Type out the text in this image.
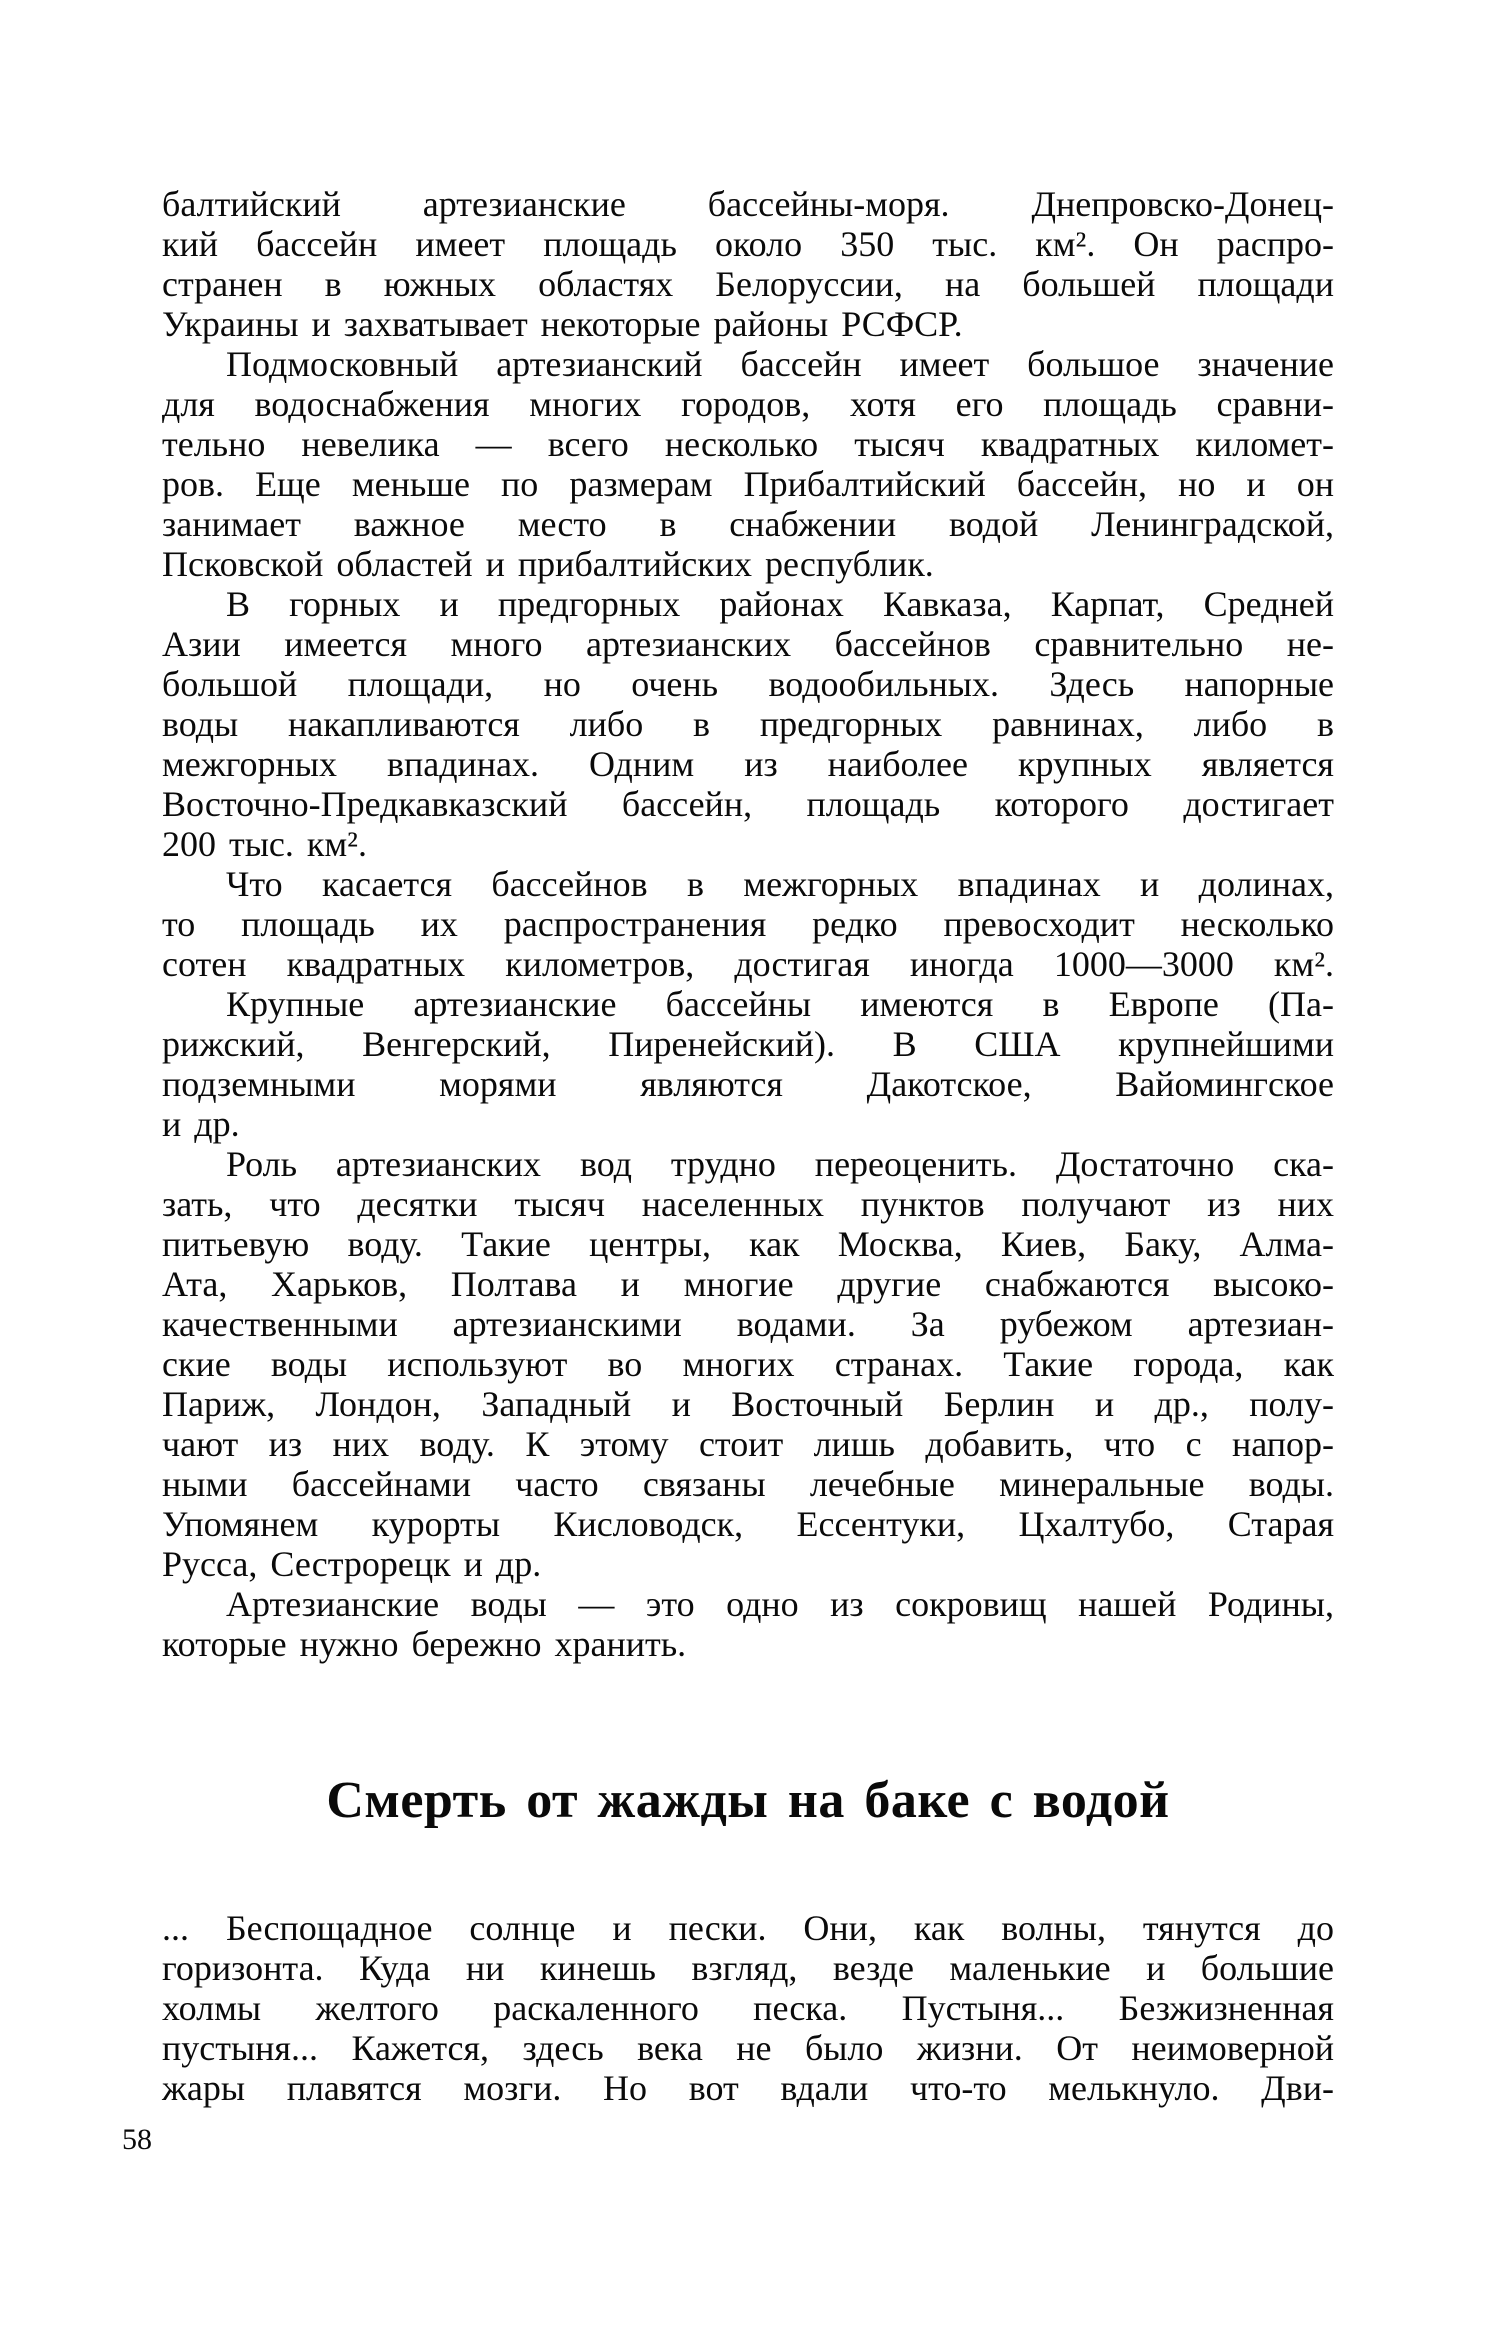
балтийский артезианские бассейны-моря. Днепровско-Донец-
кий бассейн имеет площадь около 350 тыс. км². Он распро-
странен в южных областях Белоруссии, на большей площади
Украины и захватывает некоторые районы РСФСР.
Подмосковный артезианский бассейн имеет большое значение
для водоснабжения многих городов, хотя его площадь сравни-
тельно невелика — всего несколько тысяч квадратных километ-
ров. Еще меньше по размерам Прибалтийский бассейн, но и он
занимает важное место в снабжении водой Ленинградской,
Псковской областей и прибалтийских республик.
В горных и предгорных районах Кавказа, Карпат, Средней
Азии имеется много артезианских бассейнов сравнительно не-
большой площади, но очень водообильных. Здесь напорные
воды накапливаются либо в предгорных равнинах, либо в
межгорных впадинах. Одним из наиболее крупных является
Восточно-Предкавказский бассейн, площадь которого достигает
200 тыс. км².
Что касается бассейнов в межгорных впадинах и долинах,
то площадь их распространения редко превосходит несколько
сотен квадратных километров, достигая иногда 1000—3000 км².
Крупные артезианские бассейны имеются в Европе (Па-
рижский, Венгерский, Пиренейский). В США крупнейшими
подземными морями являются Дакотское, Вайомингское
и др.
Роль артезианских вод трудно переоценить. Достаточно ска-
зать, что десятки тысяч населенных пунктов получают из них
питьевую воду. Такие центры, как Москва, Киев, Баку, Алма-
Ата, Харьков, Полтава и многие другие снабжаются высоко-
качественными артезианскими водами. За рубежом артезиан-
ские воды используют во многих странах. Такие города, как
Париж, Лондон, Западный и Восточный Берлин и др., полу-
чают из них воду. К этому стоит лишь добавить, что с напор-
ными бассейнами часто связаны лечебные минеральные воды.
Упомянем курорты Кисловодск, Ессентуки, Цхалтубо, Старая
Русса, Сестрорецк и др.
Артезианские воды — это одно из сокровищ нашей Родины,
которые нужно бережно хранить.
Смерть от жажды на баке с водой
... Беспощадное солнце и пески. Они, как волны, тянутся до
горизонта. Куда ни кинешь взгляд, везде маленькие и большие
холмы желтого раскаленного песка. Пустыня... Безжизненная
пустыня... Кажется, здесь века не было жизни. От неимоверной
жары плавятся мозги. Но вот вдали что-то мелькнуло. Дви-
58
